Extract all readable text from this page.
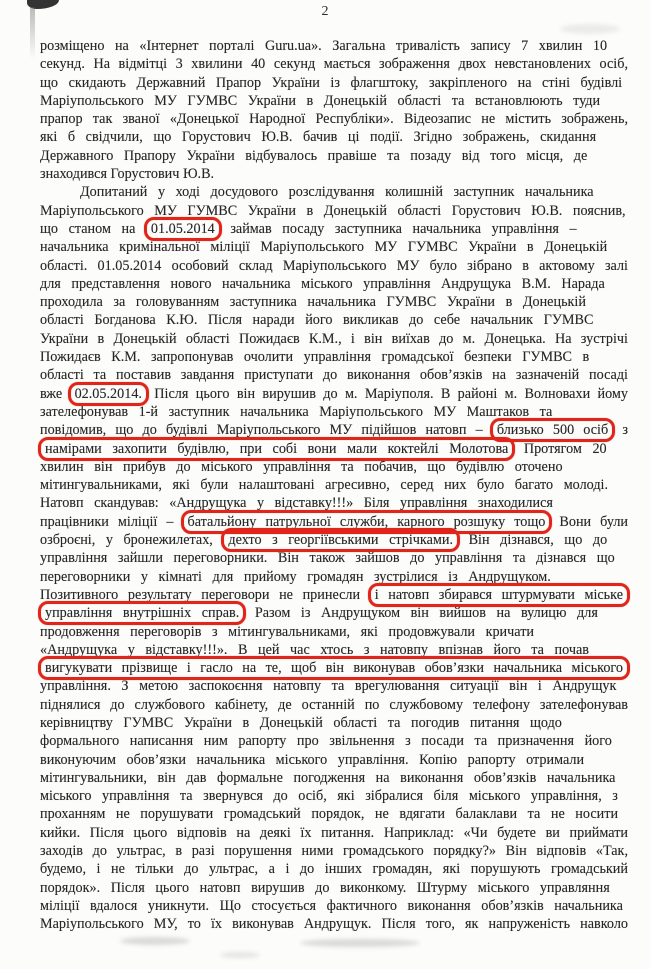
2
розміщено на «Інтернет порталі Guru.ua». Загальна тривалість запису 7 хвилин 10
секунд. На відмітці 3 хвилини 40 секунд мається зображення двох невстановлених осіб,
що скидають Державний Прапор України із флагштоку, закріпленого на стіні будівлі
Маріупольського МУ ГУМВС України в Донецькій області та встановлюють туди
прапор так званої «Донецької Народної Республіки». Відеозапис не містить зображень,
які б свідчили, що Горустович Ю.В. бачив ці події. Згідно зображень, скидання
Державного Прапору України відбувалось правіше та позаду від того місця, де
знаходився Горустович Ю.В.
Допитаний у ході досудового розслідування колишній заступник начальника
Маріупольського МУ ГУМВС України в Донецькій області Горустович Ю.В. пояснив,
що станом на 01.05.2014 займав посаду заступника начальника управління –
начальника кримінальної міліції Маріупольського МУ ГУМВС України в Донецькій
області. 01.05.2014 особовий склад Маріупольського МУ було зібрано в актовому залі
для представлення нового начальника міського управління Андрущука В.М. Нарада
проходила за головуванням заступника начальника ГУМВС України в Донецькій
області Богданова К.Ю. Після наради його викликав до себе начальник ГУМВС
України в Донецькій області Пожидаєв К.М., і він виїхав до м. Донецька. На зустрічі
Пожидаєв К.М. запропонував очолити управління громадської безпеки ГУМВС в
області та поставив завдання приступати до виконання обов’язків на зазначеній посаді
вже 02.05.2014. Після цього він вирушив до м. Маріуполя. В районі м. Волновахи йому
зателефонував 1-й заступник начальника Маріупольського МУ Маштаков та
повідомив, що до будівлі Маріупольського МУ підійшов натовп – близько 500 осіб з
намірами захопити будівлю, при собі вони мали коктейлі Молотова Протягом 20
хвилин він прибув до міського управління та побачив, що будівлю оточено
мітингувальниками, які були налаштовані агресивно, серед них було багато молоді.
Натовп скандував: «Андрущука у відставку!!!» Біля управління знаходилися
працівники міліції – батальйону патрульної служби, карного розшуку тощо Вони були
озброєні, у бронежилетах, дехто з георгіївськими стрічками. Він дізнався, що до
управління зайшли переговорники. Він також зайшов до управління та дізнався що
переговорники у кімнаті для прийому громадян зустрілися із Андрущуком.
Позитивного результату переговори не принесли і натовп збирався штурмувати міське
управління внутрішніх справ. Разом із Андрущуком він вийшов на вулицю для
продовження переговорів з мітингувальниками, які продовжували кричати
«Андрущука у відставку!!!». В цей час хтось з натовпу впізнав його та почав
вигукувати прізвище і гасло на те, щоб він виконував обов’язки начальника міського
управління. З метою заспокоєння натовпу та врегулювання ситуації він і Андрущук
піднялися до службового кабінету, де останній по службовому телефону зателефонував
керівництву ГУМВС України в Донецькій області та погодив питання щодо
формального написання ним рапорту про звільнення з посади та призначення його
виконуючим обов’язки начальника міського управління. Копію рапорту отримали
мітингувальники, він дав формальне погодження на виконання обов’язків начальника
міського управління та звернувся до осіб, які зібралися біля міського управління, з
проханням не порушувати громадський порядок, не вдягати балаклави та не носити
кийки. Після цього відповів на деякі їх питання. Наприклад: «Чи будете ви приймати
заходів до ультрас, в разі порушення ними громадського порядку?» Він відповів «Так,
будемо, і не тільки до ультрас, а і до інших громадян, які порушують громадський
порядок». Після цього натовп вирушив до виконкому. Штурму міського управляння
міліції вдалося уникнути. Що стосується фактичного виконання обов’язків начальника
Маріупольського МУ, то їх виконував Андрущук. Після того, як напруженість навколо
